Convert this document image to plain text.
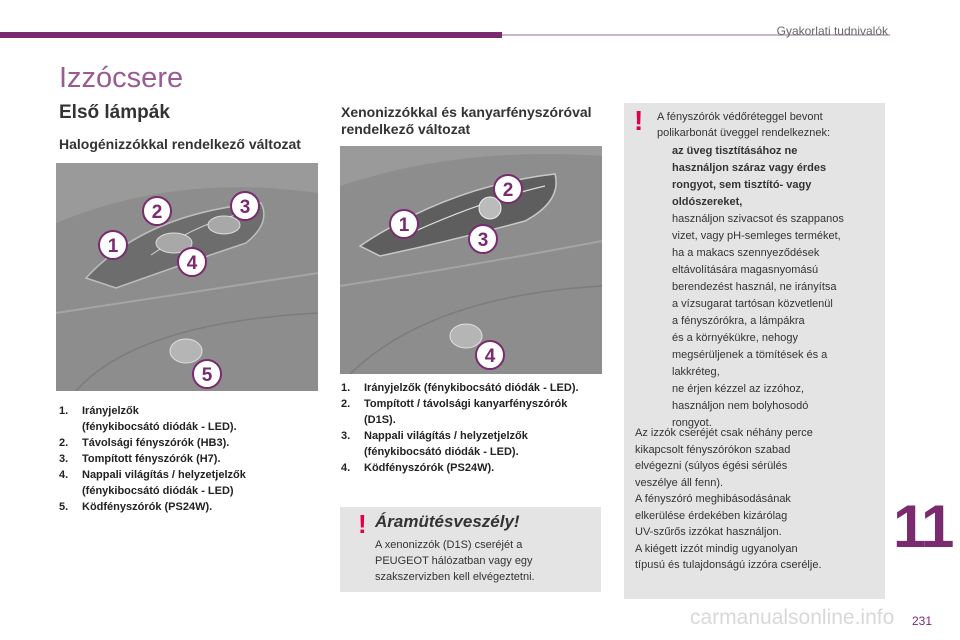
Gyakorlati tudnivalók
Izzócsere
Első lámpák
Halogénizzókkal rendelkező változat
1
2	3
4
5
1. Irányjelzők
(fénykibocsátó diódák - LED).
2. Távolsági fényszórók (HB3).
3. Tompított fényszórók (H7).
4. Nappali világítás / helyzetjelzők
(fénykibocsátó diódák - LED)
5. Ködfényszórók (PS24W).
Xenonizzókkal és kanyarfényszóróval
rendelkező változat
1
2
3
4
1. Irányjelzők (fénykibocsátó diódák - LED).
2. Tompított / távolsági kanyarfényszórók
(D1S).
3. Nappali világítás / helyzetjelzők
(fénykibocsátó diódák - LED).
4. Ködfényszórók (PS24W).
! Áramütésveszély!
A xenonizzók (D1S) cseréjét a
PEUGEOT hálózatban vagy egy
szakszervizben kell elvégeztetni.
! A fényszórók védőréteggel bevont
polikarbonát üveggel rendelkeznek:
az üveg tisztításához ne
használjon száraz vagy érdes
rongyot, sem tisztító- vagy
oldószereket,
használjon szivacsot és szappanos
vizet, vagy pH-semleges terméket,
ha a makacs szennyeződések
eltávolítására magasnyomású
berendezést használ, ne irányítsa
a vízsugarat tartósan közvetlenül
a fényszórókra, a lámpákra
és a környékükre, nehogy
megsérüljenek a tömítések és a
lakkréteg,
ne érjen kézzel az izzóhoz,
használjon nem bolyhosodó
rongyot.
Az izzók cseréjét csak néhány perce
kikapcsolt fényszórókon szabad
elvégezni (súlyos égési sérülés
veszélye áll fenn).
A fényszóró meghibásodásának
elkerülése érdekében kizárólag
UV-szűrős izzókat használjon.
A kiégett izzót mindig ugyanolyan
típusú és tulajdonságú izzóra cserélje.
11
carmanualsonline.info 231
